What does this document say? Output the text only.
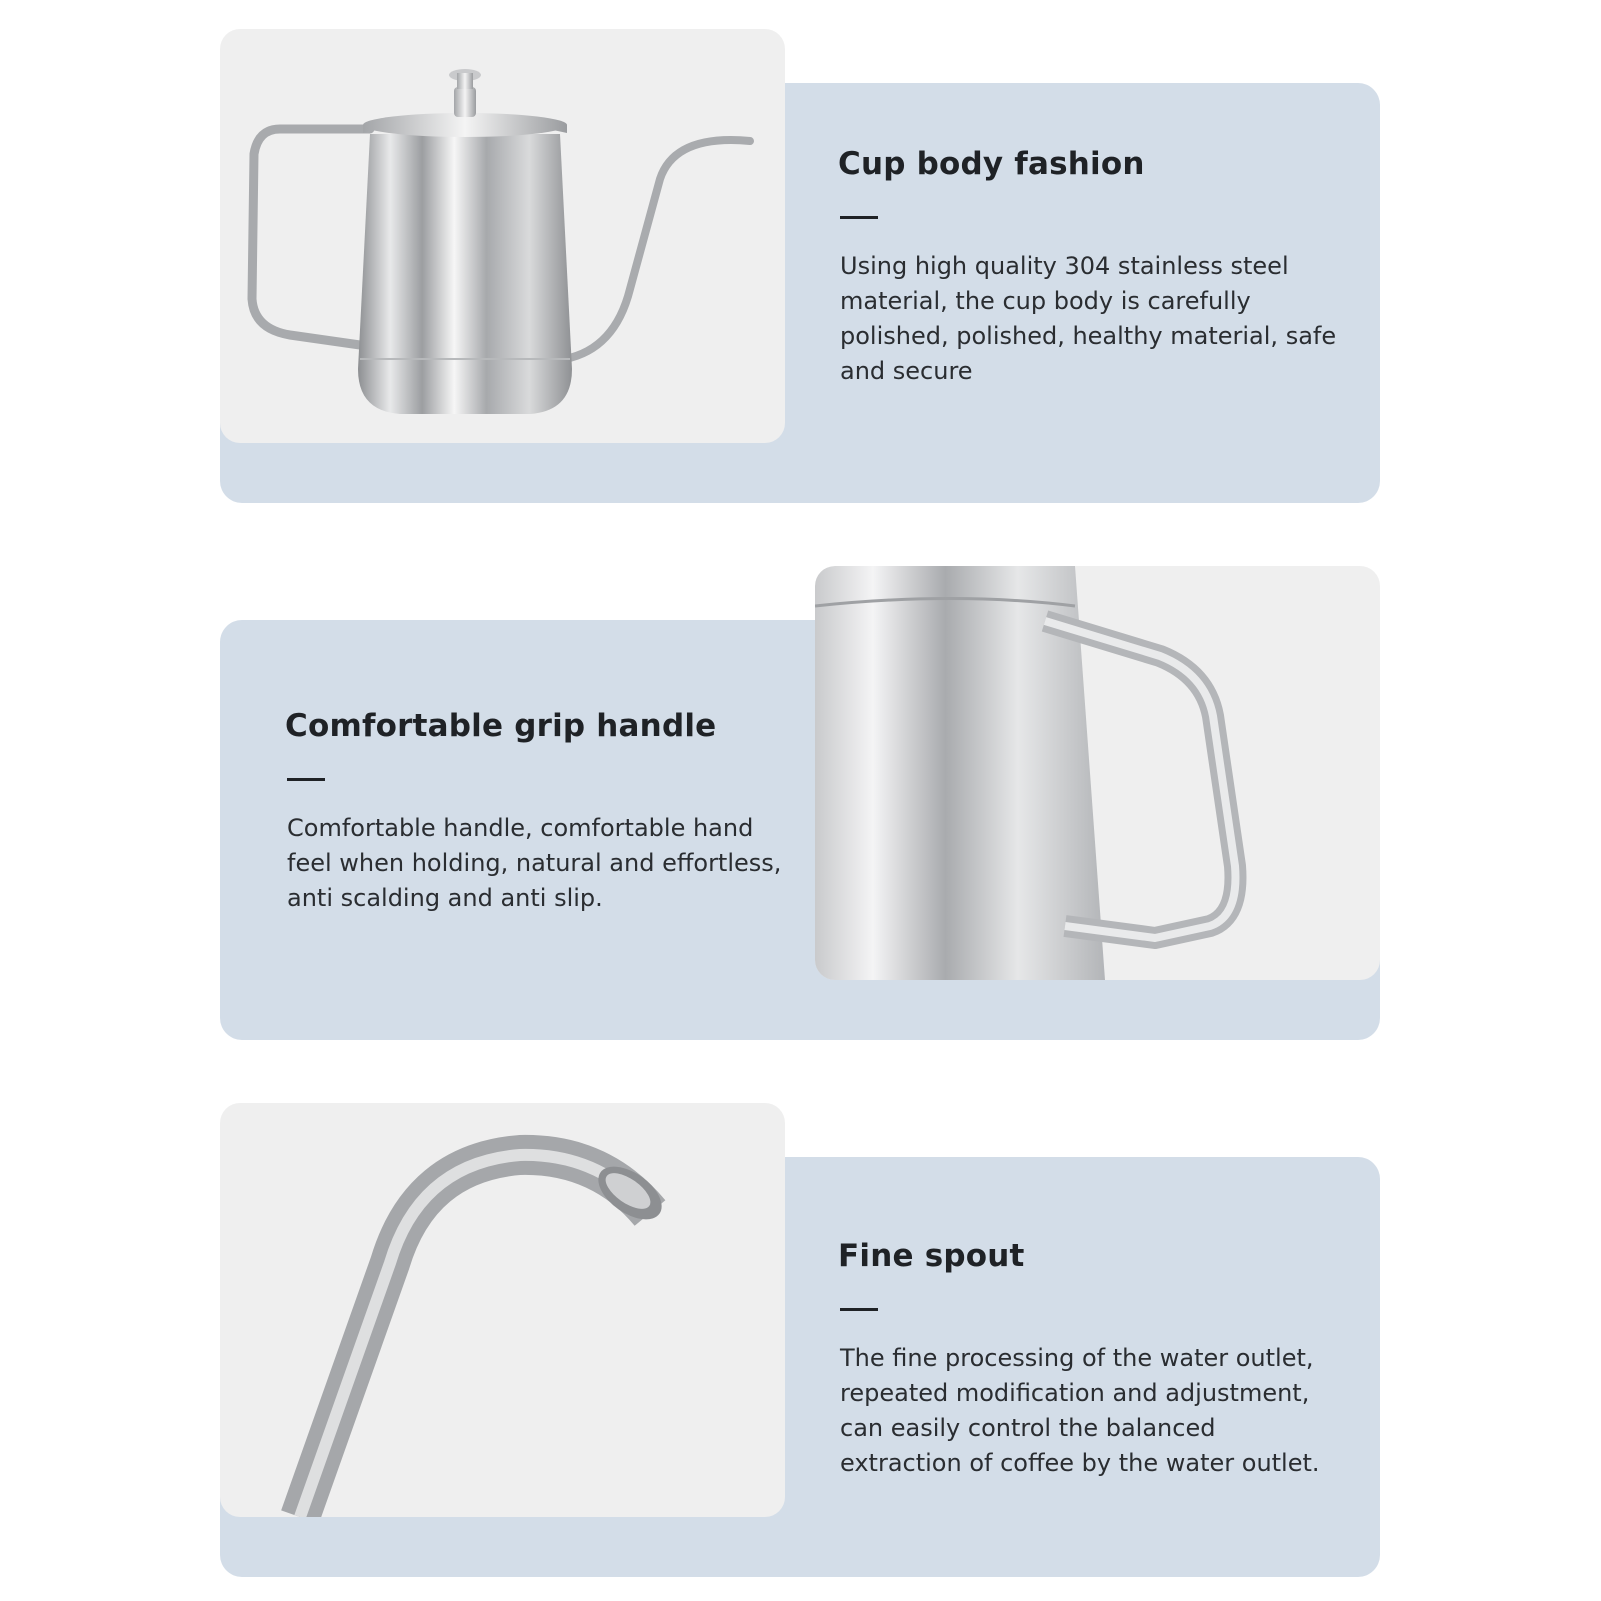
Cup body fashion

Using high quality 304 stainless steel material, the cup body is carefully polished, polished, healthy material, safe and secure

Comfortable grip handle

Comfortable handle, comfortable hand feel when holding, natural and effortless, anti scalding and anti slip.

Fine spout

The fine processing of the water outlet, repeated modification and adjustment, can easily control the balanced extraction of coffee by the water outlet.
